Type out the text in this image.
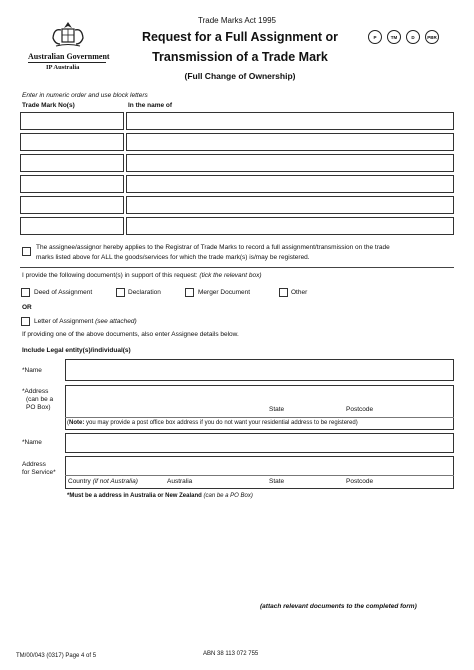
Australian Government
IP Australia
Trade Marks Act 1995
Request for a Full Assignment or
Transmission of a Trade Mark
(Full Change of Ownership)
P	TM	D	PBR
Enter in numeric order and use block letters
Trade Mark No(s)	In the name of
The assignee/assignor hereby applies to the Registrar of Trade Marks to record a full assignment/transmission on the trade
marks listed above for ALL the goods/services for which the trade mark(s) is/may be registered.
I provide the following document(s) in support of this request: (tick the relevant box)
Deed of Assignment	Declaration	Merger Document	Other
OR
Letter of Assignment (see attached)
If providing one of the above documents, also enter Assignee details below.
Include Legal entity(s)/individual(s)
*Name
*Address
(can be a
PO Box)	State	Postcode
(Note: you may provide a post office box address if you do not want your residential address to be registered)
*Name
Address
for Service*
Country (if not Australia)	Australia	State	Postcode
*Must be a address in Australia or New Zealand (can be a PO Box)
(attach relevant documents to the completed form)
TM/00/043 (0317) Page 4 of 5	ABN 38 113 072 755
